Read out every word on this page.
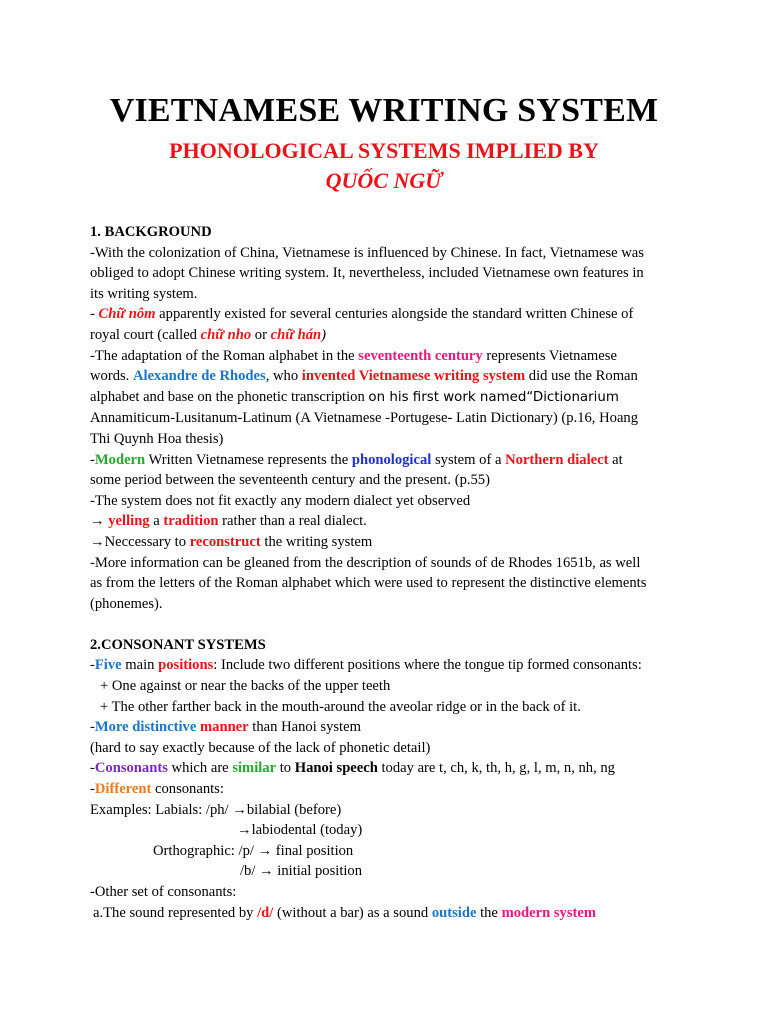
VIETNAMESE WRITING SYSTEM
PHONOLOGICAL SYSTEMS IMPLIED BY
QUỐC NGỮ

1. BACKGROUND

-With the colonization of China, Vietnamese is influenced by Chinese. In fact, Vietnamese was

obliged to adopt Chinese writing system. It, nevertheless, included Vietnamese own features in

its writing system.

- Chữ nôm apparently existed for several centuries alongside the standard written Chinese of

royal court (called chữ nho or chữ hán)

-The adaptation of the Roman alphabet in the seventeenth century represents Vietnamese

words. Alexandre de Rhodes, who invented Vietnamese writing system did use the Roman

alphabet and base on the phonetic transcription on his first work named“Dictionarium

Annamiticum-Lusitanum-Latinum (A Vietnamese -Portugese- Latin Dictionary) (p.16, Hoang

Thi Quynh Hoa thesis)

-Modern Written Vietnamese represents the phonological system of a Northern dialect at

some period between the seventeenth century and the present. (p.55)

-The system does not fit exactly any modern dialect yet observed

→ yelling a tradition rather than a real dialect.

→Neccessary to reconstruct the writing system

-More information can be gleaned from the description of sounds of de Rhodes 1651b, as well

as from the letters of the Roman alphabet which were used to represent the distinctive elements

(phonemes).

2.CONSONANT SYSTEMS

-Five main positions: Include two different positions where the tongue tip formed consonants:

+ One against or near the backs of the upper teeth

+ The other farther back in the mouth-around the aveolar ridge or in the back of it.

-More distinctive manner than Hanoi system

(hard to say exactly because of the lack of phonetic detail)

-Consonants which are similar to Hanoi speech today are t, ch, k, th, h, g, l, m, n, nh, ng

-Different consonants:

Examples: Labials: /ph/ →bilabial (before)

→labiodental (today)

Orthographic: /p/ → final position

/b/ → initial position

-Other set of consonants:

a.The sound represented by /d/ (without a bar) as a sound outside the modern system
